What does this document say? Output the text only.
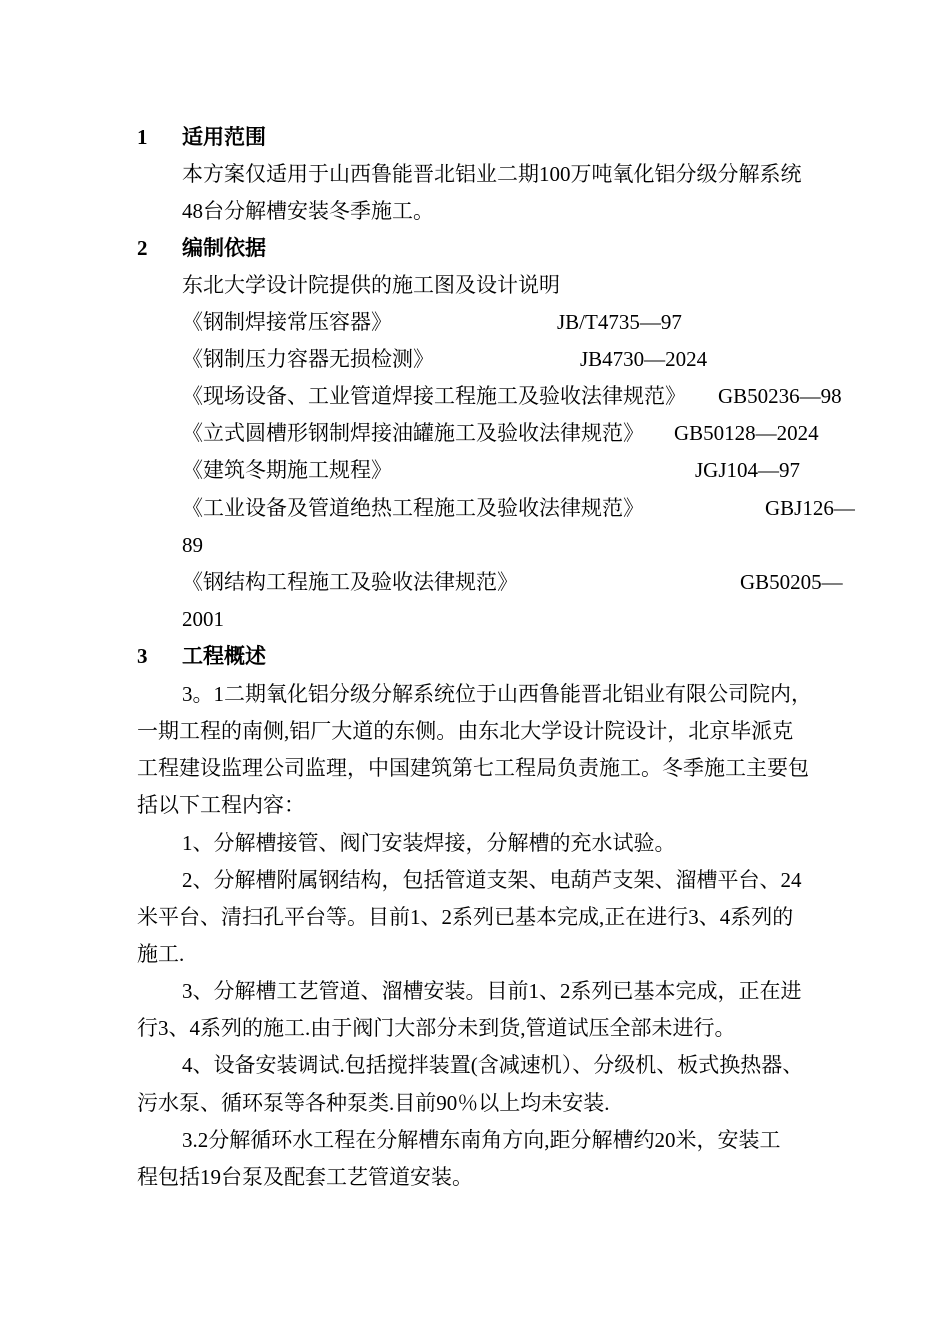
1 适用范围
本方案仅适用于山西鲁能晋北铝业二期100万吨氧化铝分级分解系统
48台分解槽安装冬季施工。
2 编制依据
东北大学设计院提供的施工图及设计说明
《钢制焊接常压容器》	JB/T4735—97
《钢制压力容器无损检测》	JB4730—2024
《现场设备、工业管道焊接工程施工及验收法律规范》 GB50236—98
《立式圆槽形钢制焊接油罐施工及验收法律规范》 GB50128—2024
《建筑冬期施工规程》	JGJ104—97
《工业设备及管道绝热工程施工及验收法律规范》	GBJ126—
89
《钢结构工程施工及验收法律规范》	GB50205—
2001
3 工程概述
3。1二期氧化铝分级分解系统位于山西鲁能晋北铝业有限公司院内，
一期工程的南侧,铝厂大道的东侧。由东北大学设计院设计，北京毕派克
工程建设监理公司监理，中国建筑第七工程局负责施工。冬季施工主要包
括以下工程内容：
1、分解槽接管、阀门安装焊接，分解槽的充水试验。
2、分解槽附属钢结构，包括管道支架、电葫芦支架、溜槽平台、24
米平台、清扫孔平台等。目前1、2系列已基本完成,正在进行3、4系列的
施工.
3、分解槽工艺管道、溜槽安装。目前1、2系列已基本完成，正在进
行3、4系列的施工.由于阀门大部分未到货,管道试压全部未进行。
4、设备安装调试.包括搅拌装置(含减速机）、分级机、板式换热器、
污水泵、循环泵等各种泵类.目前90％以上均未安装.
3.2分解循环水工程在分解槽东南角方向,距分解槽约20米，安装工
程包括19台泵及配套工艺管道安装。
